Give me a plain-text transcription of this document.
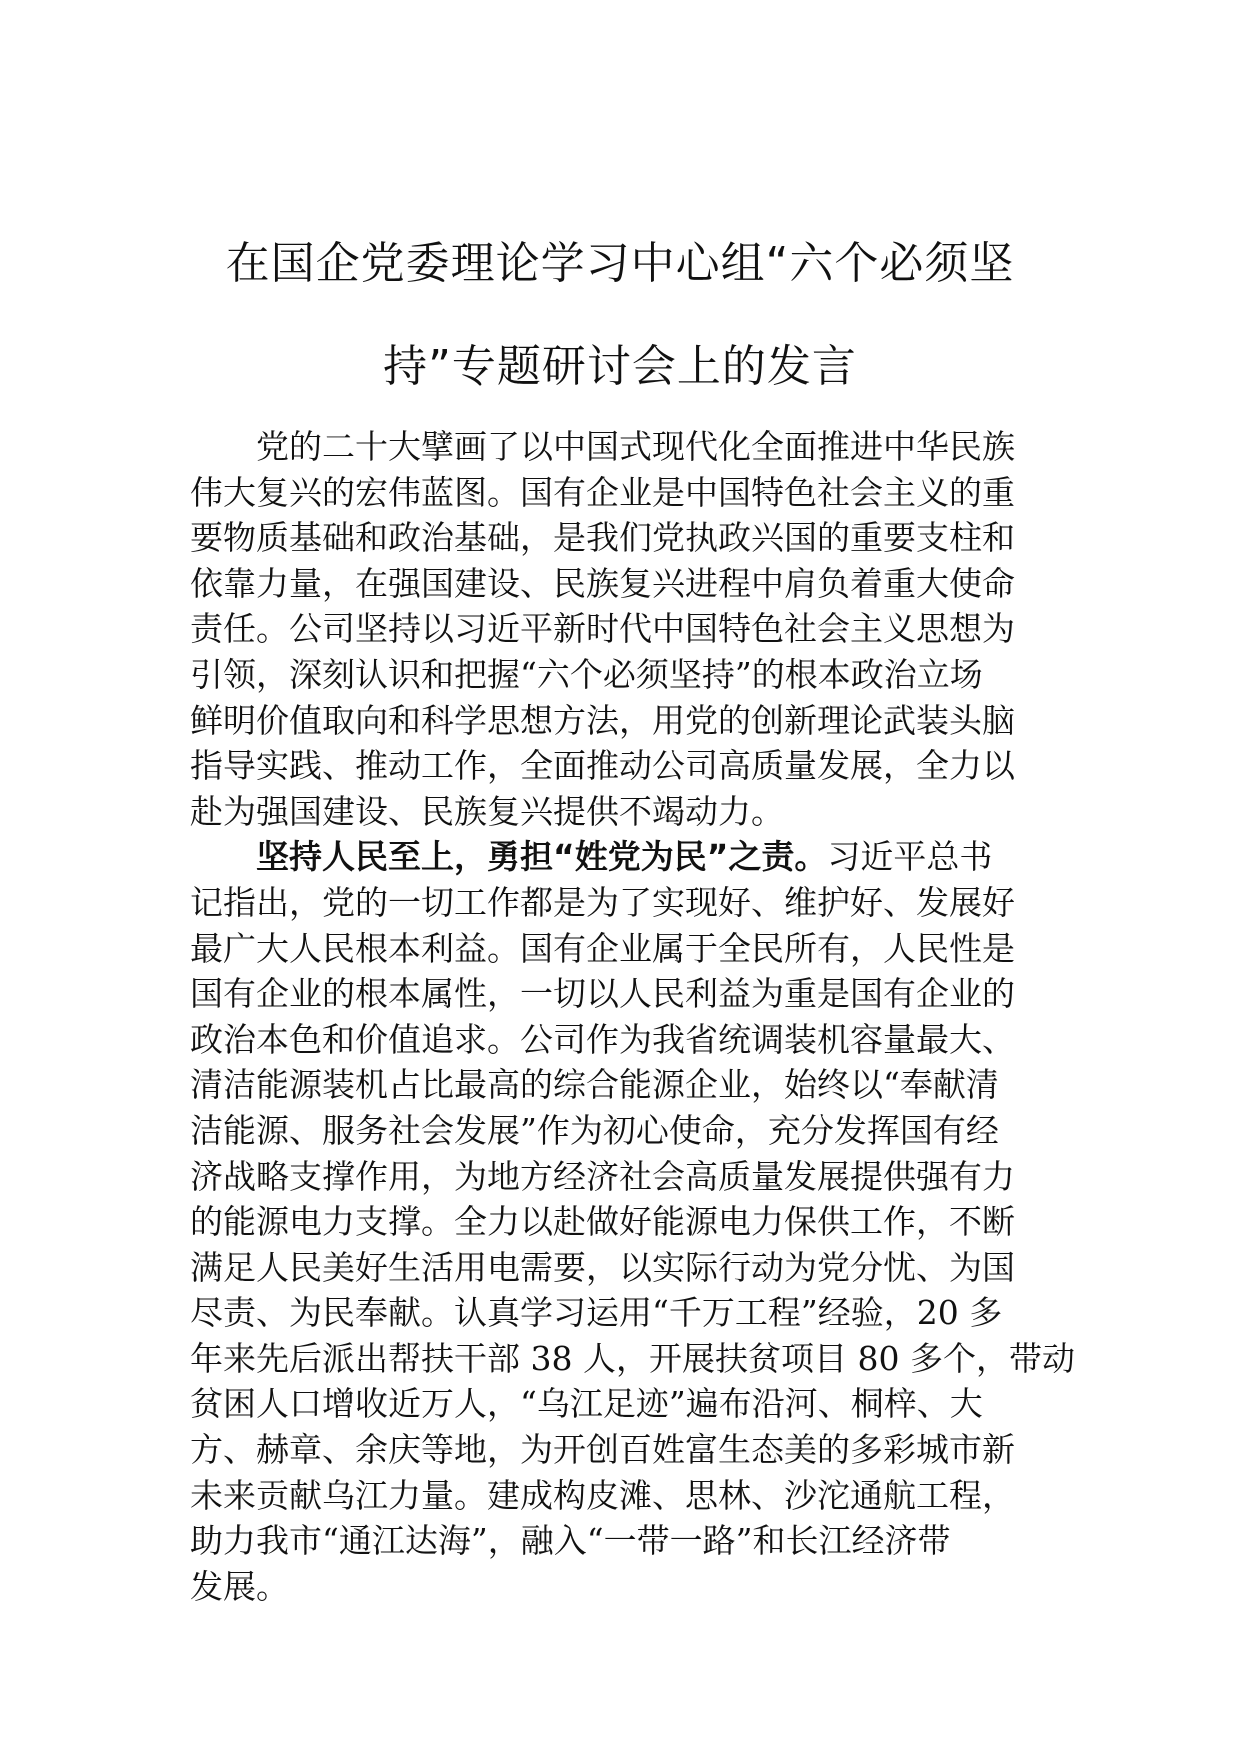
在国企党委理论学习中心组“六个必须坚
持”专题研讨会上的发言

党的二十大擘画了以中国式现代化全面推进中华民族
伟大复兴的宏伟蓝图。国有企业是中国特色社会主义的重
要物质基础和政治基础，是我们党执政兴国的重要支柱和
依靠力量，在强国建设、民族复兴进程中肩负着重大使命
责任。公司坚持以习近平新时代中国特色社会主义思想为
引领，深刻认识和把握“六个必须坚持”的根本政治立场
鲜明价值取向和科学思想方法，用党的创新理论武装头脑
指导实践、推动工作，全面推动公司高质量发展，全力以
赴为强国建设、民族复兴提供不竭动力。

坚持人民至上，勇担“姓党为民”之责。习近平总书
记指出，党的一切工作都是为了实现好、维护好、发展好
最广大人民根本利益。国有企业属于全民所有，人民性是
国有企业的根本属性，一切以人民利益为重是国有企业的
政治本色和价值追求。公司作为我省统调装机容量最大、
清洁能源装机占比最高的综合能源企业，始终以“奉献清
洁能源、服务社会发展”作为初心使命，充分发挥国有经
济战略支撑作用，为地方经济社会高质量发展提供强有力
的能源电力支撑。全力以赴做好能源电力保供工作，不断
满足人民美好生活用电需要，以实际行动为党分忧、为国
尽责、为民奉献。认真学习运用“千万工程”经验，20 多
年来先后派出帮扶干部 38 人，开展扶贫项目 80 多个，带动
贫困人口增收近万人，“乌江足迹”遍布沿河、桐梓、大
方、赫章、余庆等地，为开创百姓富生态美的多彩城市新
未来贡献乌江力量。建成构皮滩、思林、沙沱通航工程，
助力我市“通江达海”，融入“一带一路”和长江经济带
发展。
